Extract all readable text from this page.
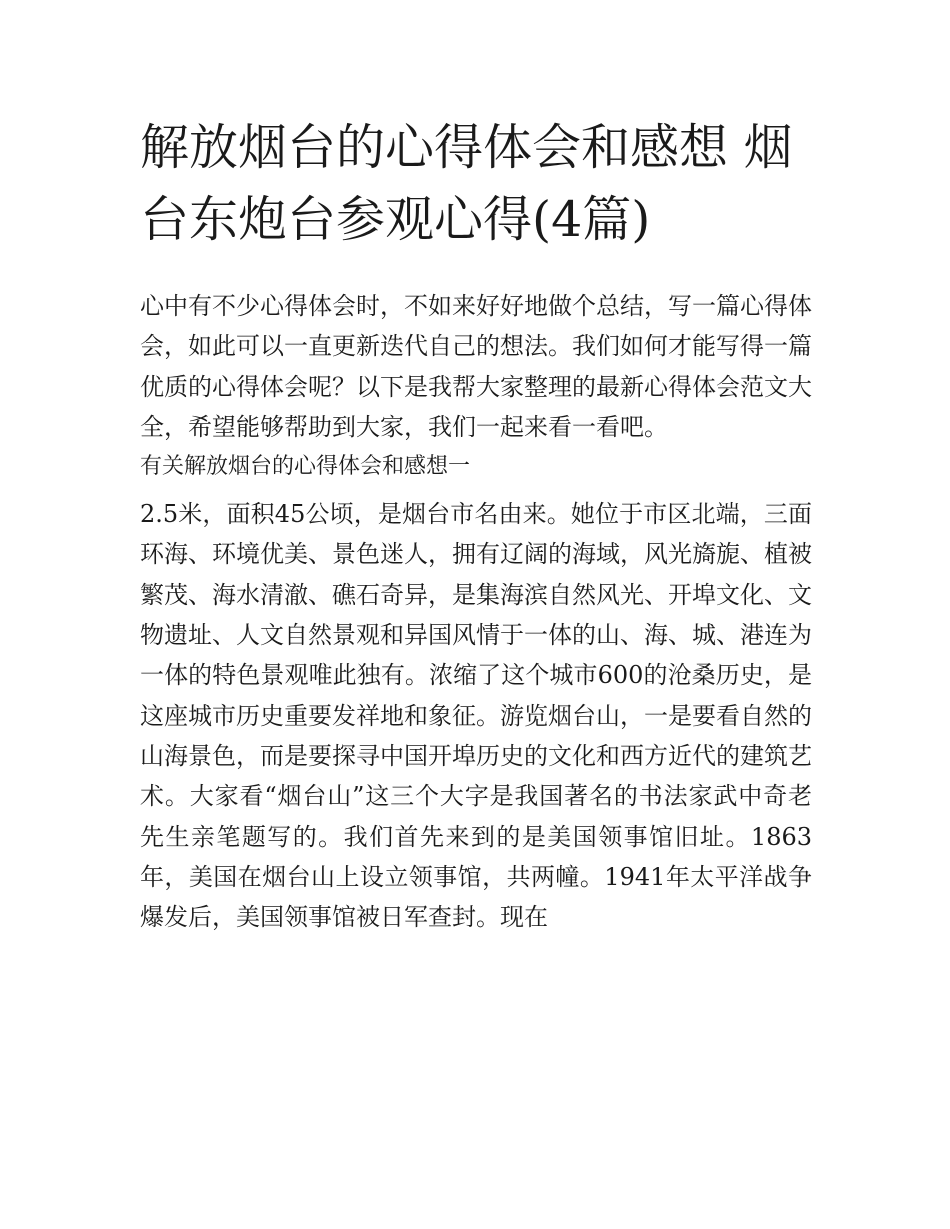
解放烟台的心得体会和感想 烟台东炮台参观心得(4篇)

心中有不少心得体会时，不如来好好地做个总结，写一篇心得体会，如此可以一直更新迭代自己的想法。我们如何才能写得一篇优质的心得体会呢？以下是我帮大家整理的最新心得体会范文大全，希望能够帮助到大家，我们一起来看一看吧。

有关解放烟台的心得体会和感想一

2.5米，面积45公顷，是烟台市名由来。她位于市区北端，三面环海、环境优美、景色迷人，拥有辽阔的海域，风光旖旎、植被繁茂、海水清澈、礁石奇异，是集海滨自然风光、开埠文化、文物遗址、人文自然景观和异国风情于一体的山、海、城、港连为一体的特色景观唯此独有。浓缩了这个城市600的沧桑历史，是这座城市历史重要发祥地和象征。游览烟台山，一是要看自然的山海景色，而是要探寻中国开埠历史的文化和西方近代的建筑艺术。大家看“烟台山”这三个大字是我国著名的书法家武中奇老先生亲笔题写的。我们首先来到的是美国领事馆旧址。1863年，美国在烟台山上设立领事馆，共两幢。1941年太平洋战争爆发后，美国领事馆被日军查封。现在
